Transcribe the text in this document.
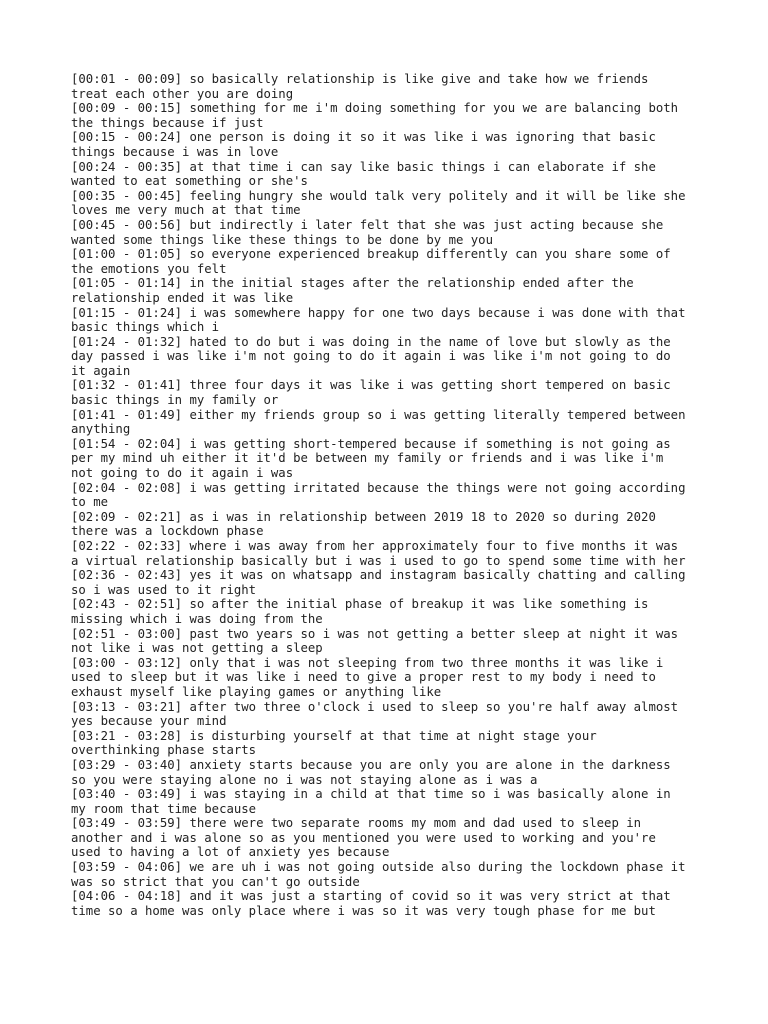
[00:01 - 00:09] so basically relationship is like give and take how we friends
treat each other you are doing

[00:09 - 00:15] something for me i'm doing something for you we are balancing both
the things because if just

[00:15 - 00:24] one person is doing it so it was like i was ignoring that basic
things because i was in love

[00:24 - 00:35] at that time i can say like basic things i can elaborate if she
wanted to eat something or she's

[00:35 - 00:45] feeling hungry she would talk very politely and it will be like she
loves me very much at that time

[00:45 - 00:56] but indirectly i later felt that she was just acting because she
wanted some things like these things to be done by me you

[01:00 - 01:05] so everyone experienced breakup differently can you share some of
the emotions you felt

[01:05 - 01:14] in the initial stages after the relationship ended after the
relationship ended it was like

[01:15 - 01:24] i was somewhere happy for one two days because i was done with that
basic things which i

[01:24 - 01:32] hated to do but i was doing in the name of love but slowly as the
day passed i was like i'm not going to do it again i was like i'm not going to do
it again

[01:32 - 01:41] three four days it was like i was getting short tempered on basic
basic things in my family or

[01:41 - 01:49] either my friends group so i was getting literally tempered between
anything

[01:54 - 02:04] i was getting short-tempered because if something is not going as
per my mind uh either it it'd be between my family or friends and i was like i'm
not going to do it again i was

[02:04 - 02:08] i was getting irritated because the things were not going according
to me

[02:09 - 02:21] as i was in relationship between 2019 18 to 2020 so during 2020
there was a lockdown phase

[02:22 - 02:33] where i was away from her approximately four to five months it was
a virtual relationship basically but i was i used to go to spend some time with her

[02:36 - 02:43] yes it was on whatsapp and instagram basically chatting and calling
so i was used to it right

[02:43 - 02:51] so after the initial phase of breakup it was like something is
missing which i was doing from the

[02:51 - 03:00] past two years so i was not getting a better sleep at night it was
not like i was not getting a sleep

[03:00 - 03:12] only that i was not sleeping from two three months it was like i
used to sleep but it was like i need to give a proper rest to my body i need to
exhaust myself like playing games or anything like

[03:13 - 03:21] after two three o'clock i used to sleep so you're half away almost
yes because your mind

[03:21 - 03:28] is disturbing yourself at that time at night stage your
overthinking phase starts

[03:29 - 03:40] anxiety starts because you are only you are alone in the darkness
so you were staying alone no i was not staying alone as i was a

[03:40 - 03:49] i was staying in a child at that time so i was basically alone in
my room that time because

[03:49 - 03:59] there were two separate rooms my mom and dad used to sleep in
another and i was alone so as you mentioned you were used to working and you're
used to having a lot of anxiety yes because

[03:59 - 04:06] we are uh i was not going outside also during the lockdown phase it
was so strict that you can't go outside

[04:06 - 04:18] and it was just a starting of covid so it was very strict at that
time so a home was only place where i was so it was very tough phase for me but
